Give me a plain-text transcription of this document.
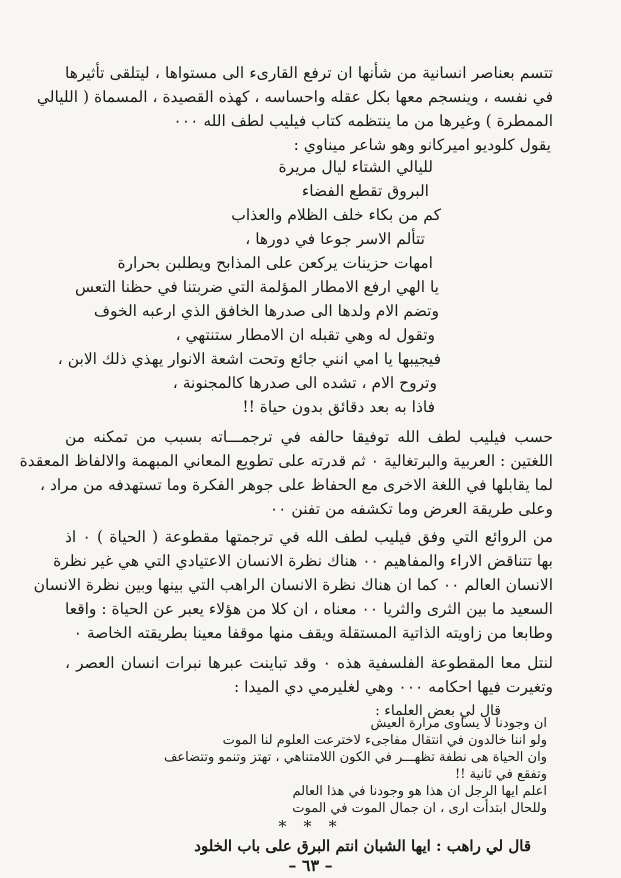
تتسم بعناصر انسانية من شأنها ان ترفع القارىء الى مستواها ، ليتلقى تأثيرها
في نفسه ، وينسجم معها بكل عقله واحساسه ، كهذه القصيدة ، المسماة ( الليالي
الممطرة ) وغيرها من ما ينتظمه كتاب فيليب لطف الله ٠٠٠
يقول كلوديو اميركانو وهو شاعر ميناوي :
لليالي الشتاء ليال مريرة
البروق تقطع الفضاء
كم من بكاء خلف الظلام والعذاب
تتألم الاسر جوعا في دورها ،
امهات حزينات يركعن على المذابح ويطلبن بحرارة
يا الهي ارفع الامطار المؤلمة التي ضربتنا في حظنا التعس
وتضم الام ولدها الى صدرها الخافق الذي ارعبه الخوف
وتقول له وهي تقبله ان الامطار ستنتهي ،
فيجيبها يا امي انني جائع وتحت اشعة الانوار يهذي ذلك الابن ،
وتروح الام ، تشده الى صدرها كالمجنونة ،
فاذا به بعد دقائق بدون حياة !!
حسب فيليب لطف الله توفيقا حالفه في ترجمـــاته بسبب من تمكنه من
اللغتين : العربية والبرتغالية ٠ ثم قدرته على تطويع المعاني المبهمة والالفاظ المعقدة
لما يقابلها في اللغة الاخرى مع الحفاظ على جوهر الفكرة وما تستهدفه من مراد ،
وعلى طريقة العرض وما تكشفه من تفنن ٠٠
من الروائع التي وفق فيليب لطف الله في ترجمتها مقطوعة ( الحياة ) ٠ اذ
بها تتناقض الاراء والمفاهيم ٠٠ هناك نظرة الانسان الاعتيادي التي هي غير نظرة
الانسان العالم ٠٠ كما ان هناك نظرة الانسان الراهب التي بينها وبين نظرة الانسان
السعيد ما بين الثرى والثريا ٠٠ معناه ، ان كلا من هؤلاء يعبر عن الحياة : واقعا
وطابعا من زاويته الذاتية المستقلة ويقف منها موقفا معينا بطريقته الخاصة ٠
لنتل معا المقطوعة الفلسفية هذه ٠ وقد تباينت عبرها نبرات انسان العصر ،
وتغيرت فيها احكامه ٠٠٠ وهي لغليرمي دي الميدا :
قال لي بعض العلماء :
ان وجودنا لا يساوى مرارة العيش
ولو اننا خالدون في انتقال مفاجىء لاخترعت العلوم لنا الموت
وان الحياة هى نطفة تظهـــر في الكون اللامتناهي ، تهتز وتنمو وتتضاعف
وتفقع في ثانية !!
اعلم ايها الرجل ان هذا هو وجودنا في هذا العالم
وللحال ابتدأت ارى ، ان جمال الموت في الموت
* * *
قال لي راهب : ايها الشبان انتم البرق على باب الخلود
– ٦٣ –
